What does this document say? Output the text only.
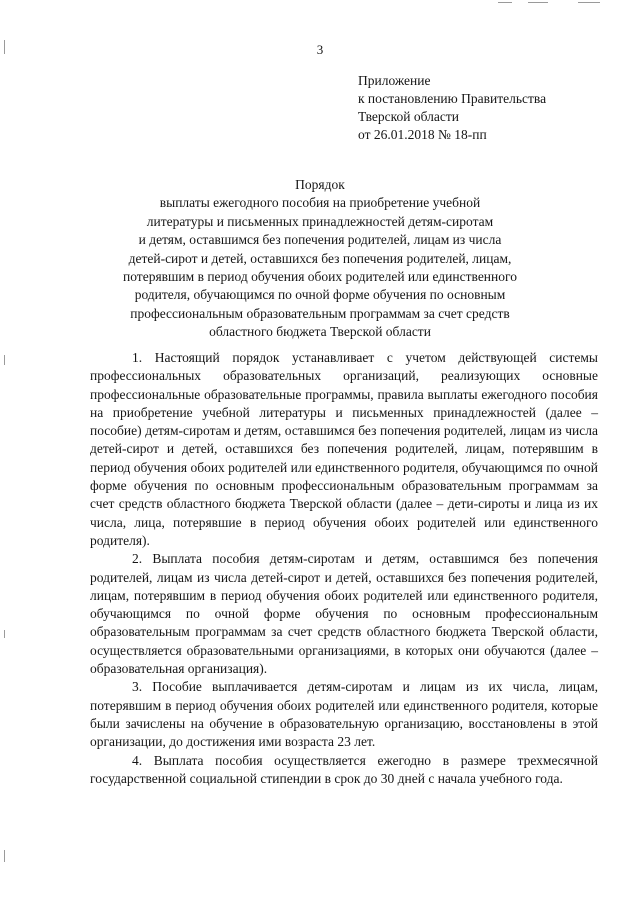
3
Приложение
к постановлению Правительства
Тверской области
от 26.01.2018 № 18-пп
Порядок
выплаты ежегодного пособия на приобретение учебной
литературы и письменных принадлежностей детям-сиротам
и детям, оставшимся без попечения родителей, лицам из числа
детей-сирот и детей, оставшихся без попечения родителей, лицам,
потерявшим в период обучения обоих родителей или единственного
родителя, обучающимся по очной форме обучения по основным
профессиональным образовательным программам за счет средств
областного бюджета Тверской области

1. Настоящий порядок устанавливает с учетом действующей системы профессиональных образовательных организаций, реализующих основные профессиональные образовательные программы, правила выплаты ежегодного пособия на приобретение учебной литературы и письменных принадлежностей (далее – пособие) детям-сиротам и детям, оставшимся без попечения родителей, лицам из числа детей-сирот и детей, оставшихся без попечения родителей, лицам, потерявшим в период обучения обоих родителей или единственного родителя, обучающимся по очной форме обучения по основным профессиональным образовательным программам за счет средств областного бюджета Тверской области (далее – дети-сироты и лица из их числа, лица, потерявшие в период обучения обоих родителей или единственного родителя).

2. Выплата пособия детям-сиротам и детям, оставшимся без попечения родителей, лицам из числа детей-сирот и детей, оставшихся без попечения родителей, лицам, потерявшим в период обучения обоих родителей или единственного родителя, обучающимся по очной форме обучения по основным профессиональным образовательным программам за счет средств областного бюджета Тверской области, осуществляется образовательными организациями, в которых они обучаются (далее – образовательная организация).

3. Пособие выплачивается детям-сиротам и лицам из их числа, лицам, потерявшим в период обучения обоих родителей или единственного родителя, которые были зачислены на обучение в образовательную организацию, восстановлены в этой организации, до достижения ими возраста 23 лет.

4. Выплата пособия осуществляется ежегодно в размере трехмесячной государственной социальной стипендии в срок до 30 дней с начала учебного года.
